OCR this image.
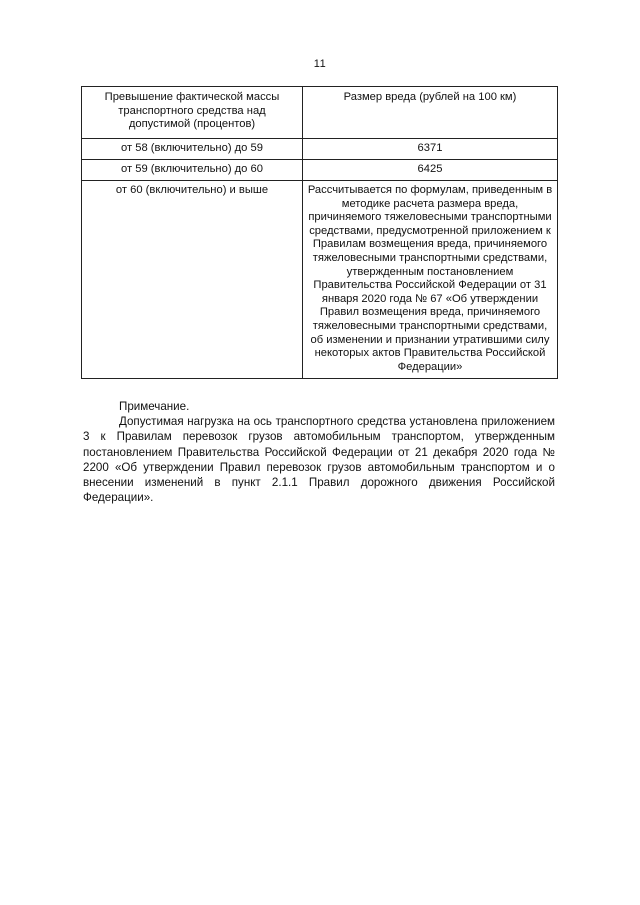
11
Превышение фактической массы транспортного средства над допустимой (процентов)	Размер вреда (рублей на 100 км)
от 58 (включительно) до 59	6371
от 59 (включительно) до 60	6425
от 60 (включительно) и выше	Рассчитывается по формулам, приведенным в методике расчета размера вреда, причиняемого тяжеловесными транспортными средствами, предусмотренной приложением к Правилам возмещения вреда, причиняемого тяжеловесными транспортными средствами, утвержденным постановлением Правительства Российской Федерации от 31 января 2020 года № 67 «Об утверждении Правил возмещения вреда, причиняемого тяжеловесными транспортными средствами, об изменении и признании утратившими силу некоторых актов Правительства Российской Федерации»

Примечание.

Допустимая нагрузка на ось транспортного средства установлена приложением 3 к Правилам перевозок грузов автомобильным транспортом, утвержденным постановлением Правительства Российской Федерации от 21 декабря 2020 года № 2200 «Об утверждении Правил перевозок грузов автомобильным транспортом и о внесении изменений в пункт 2.1.1 Правил дорожного движения Российской Федерации».
